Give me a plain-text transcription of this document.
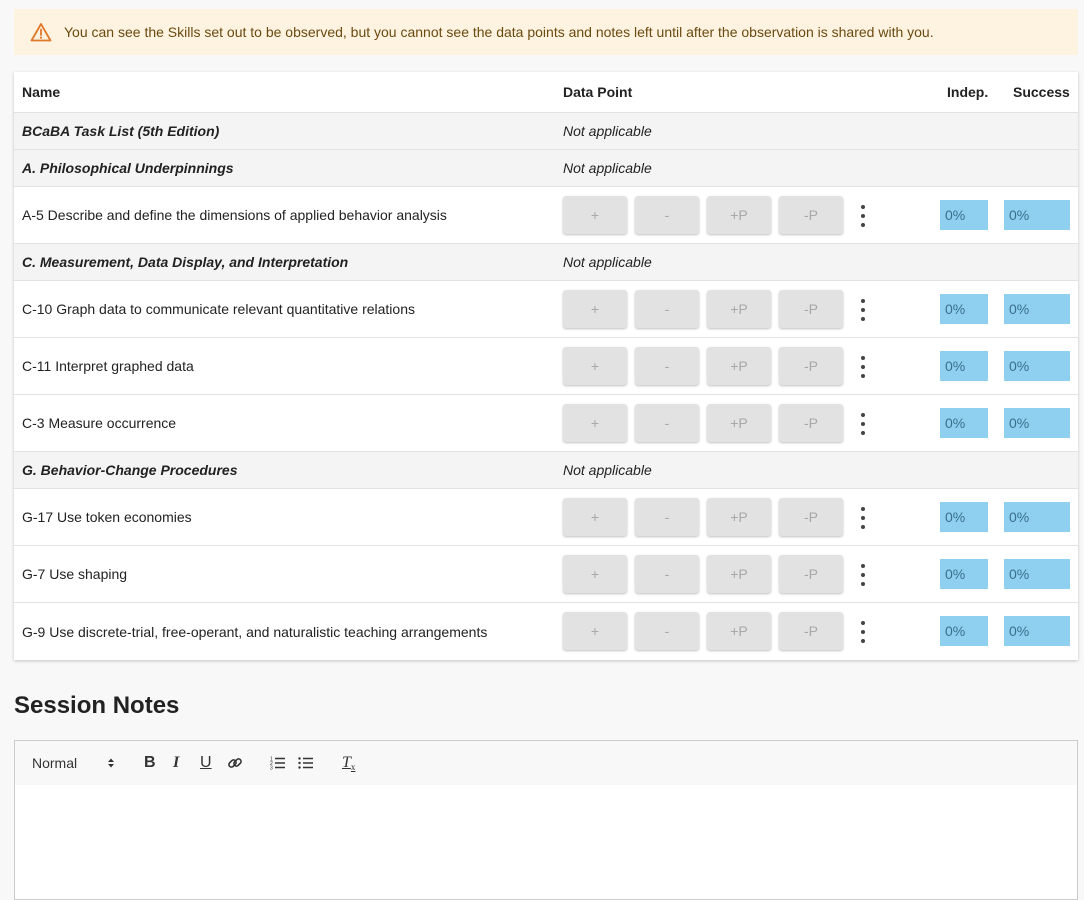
You can see the Skills set out to be observed, but you cannot see the data points and notes left until after the observation is shared with you.
Name	Data Point	Indep. Success
BCaBA Task List (5th Edition)	Not applicable
A. Philosophical Underpinnings	Not applicable
A-5 Describe and define the dimensions of applied behavior analysis	+	-	+P	-P	0%	0%
C. Measurement, Data Display, and Interpretation	Not applicable
C-10 Graph data to communicate relevant quantitative relations	+	-	+P	-P	0%	0%
C-11 Interpret graphed data	+	-	+P	-P	0%	0%
C-3 Measure occurrence	+	-	+P	-P	0%	0%
G. Behavior-Change Procedures	Not applicable
G-17 Use token economies	+	-	+P	-P	0%	0%
G-7 Use shaping	+	-	+P	-P	0%	0%
G-9 Use discrete-trial, free-operant, and naturalistic teaching arrangements	+	-	+P	-P	0%	0%
Session Notes
Normal	B I U	1
2
3	T x
